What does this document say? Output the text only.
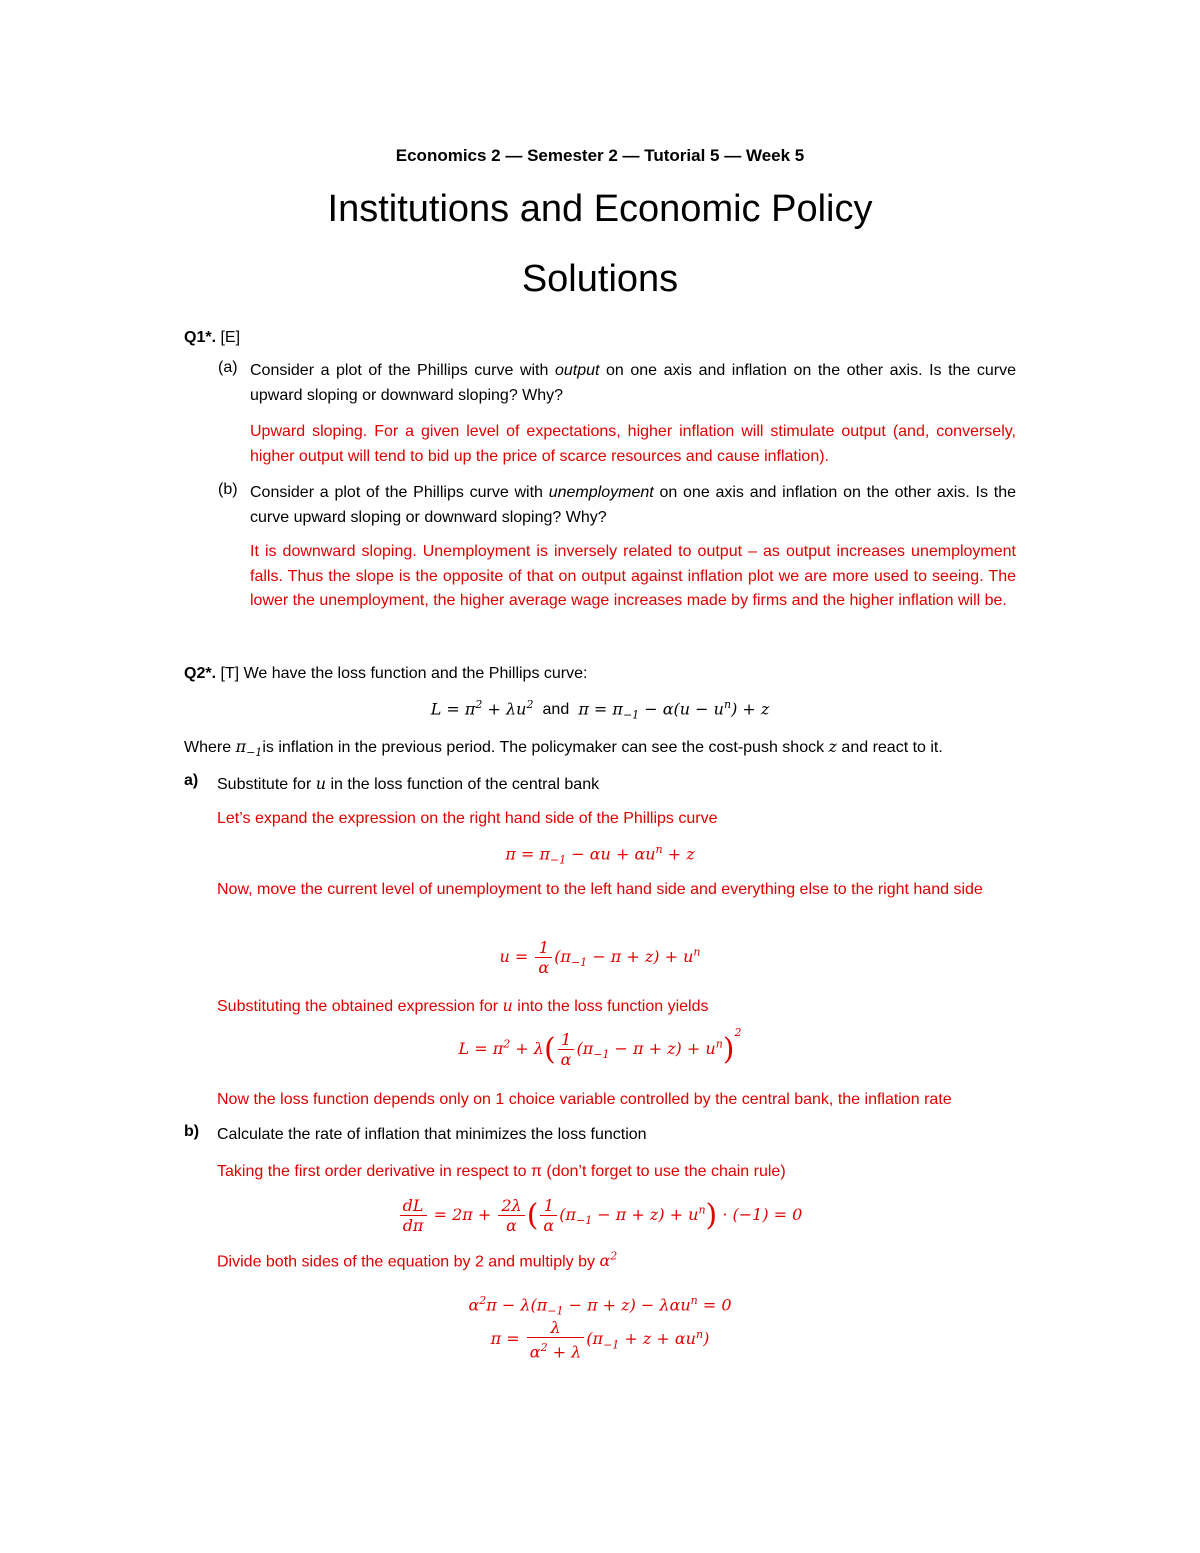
Economics 2 — Semester 2 — Tutorial 5 — Week 5
Institutions and Economic Policy
Solutions
Q1*. [E]
(a) Consider a plot of the Phillips curve with output on one axis and inflation on the other axis. Is the curve upward sloping or downward sloping? Why?
Upward sloping. For a given level of expectations, higher inflation will stimulate output (and, conversely, higher output will tend to bid up the price of scarce resources and cause inflation).
(b) Consider a plot of the Phillips curve with unemployment on one axis and inflation on the other axis. Is the curve upward sloping or downward sloping? Why?
It is downward sloping. Unemployment is inversely related to output – as output increases unemployment falls. Thus the slope is the opposite of that on output against inflation plot we are more used to seeing. The lower the unemployment, the higher average wage increases made by firms and the higher inflation will be.
Q2*. [T] We have the loss function and the Phillips curve:
$L = \pi^2 + \lambda u^2$ and $\pi = \pi_{-1} - \alpha(u - u^n) + z$
Where $\pi_{-1}is$ inflation in the previous period. The policymaker can see the cost-push shock z and react to it.
a) Substitute for u in the loss function of the central bank
Let’s expand the expression on the right hand side of the Phillips curve
$\pi = \pi_{-1} - \alpha u + \alpha u^n + z$
Now, move the current level of unemployment to the left hand side and everything else to the right hand side
$u = \frac{1}{\alpha} (\pi_{-1} - \pi + z) + u^n$
Substituting the obtained expression for u into the loss function yields
$L = \pi^2 + \lambda( \frac{1}{\alpha} (\pi_{-1} - \pi + z) + u^n)^2$
Now the loss function depends only on 1 choice variable controlled by the central bank, the inflation rate
b) Calculate the rate of inflation that minimizes the loss function
Taking the first order derivative in respect to π (don’t forget to use the chain rule)
$\frac{dL}{d\pi} = 2\pi + \frac{2\lambda}{\alpha}$ ( $\frac{1}{\alpha} (\pi_{-1} - \pi + z) + u^n) \cdot (-1) = 0$
Divide both sides of the equation by 2 and multiply by $\alpha^2$
$\alpha^2\pi - \lambda(\pi_{-1} - \pi + z) - \lambda\alpha u^n = 0$
$\pi = \frac{\lambda}{\alpha^2 + \lambda} (\pi_{-1} + z + \alpha u^n)$
